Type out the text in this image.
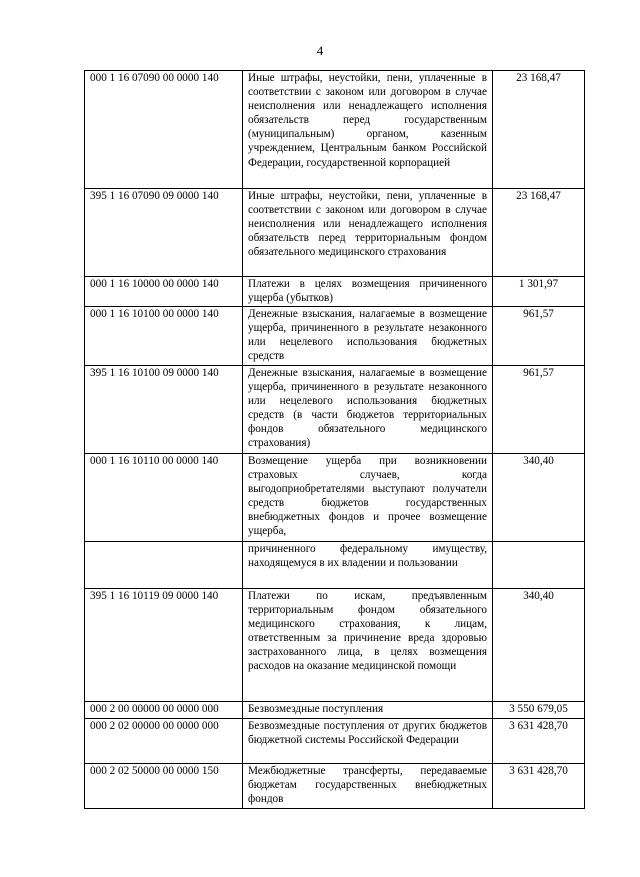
4
000 1 16 07090 00 0000 140	Иные штрафы, неустойки, пени, уплаченные в соответствии с законом или договором в случае неисполнения или ненадлежащего исполнения обязательств перед государственным (муниципальным) органом, казенным учреждением, Центральным банком Российской Федерации, государственной корпорацией	23 168,47
395 1 16 07090 09 0000 140	Иные штрафы, неустойки, пени, уплаченные в соответствии с законом или договором в случае неисполнения или ненадлежащего исполнения обязательств перед территориальным фондом обязательного медицинского страхования	23 168,47
000 1 16 10000 00 0000 140	Платежи в целях возмещения причиненного ущерба (убытков)	1 301,97
000 1 16 10100 00 0000 140	Денежные взыскания, налагаемые в возмещение ущерба, причиненного в результате незаконного или нецелевого использования бюджетных средств	961,57
395 1 16 10100 09 0000 140	Денежные взыскания, налагаемые в возмещение ущерба, причиненного в результате незаконного или нецелевого использования бюджетных средств (в части бюджетов территориальных фондов обязательного медицинского страхования)	961,57
000 1 16 10110 00 0000 140	Возмещение ущерба при возникновении страховых случаев, когда выгодоприобретателями выступают получатели средств бюджетов государственных внебюджетных фондов и прочее возмещение ущерба,	340,40
	причиненного федеральному имуществу, находящемуся в их владении и пользовании	
395 1 16 10119 09 0000 140	Платежи по искам, предъявленным территориальным фондом обязательного медицинского страхования, к лицам, ответственным за причинение вреда здоровью застрахованного лица, в целях возмещения расходов на оказание медицинской помощи	340,40
000 2 00 00000 00 0000 000	Безвозмездные поступления	3 550 679,05
000 2 02 00000 00 0000 000	Безвозмездные поступления от других бюджетов бюджетной системы Российской Федерации	3 631 428,70
000 2 02 50000 00 0000 150	Межбюджетные трансферты, передаваемые бюджетам государственных внебюджетных фондов	3 631 428,70
